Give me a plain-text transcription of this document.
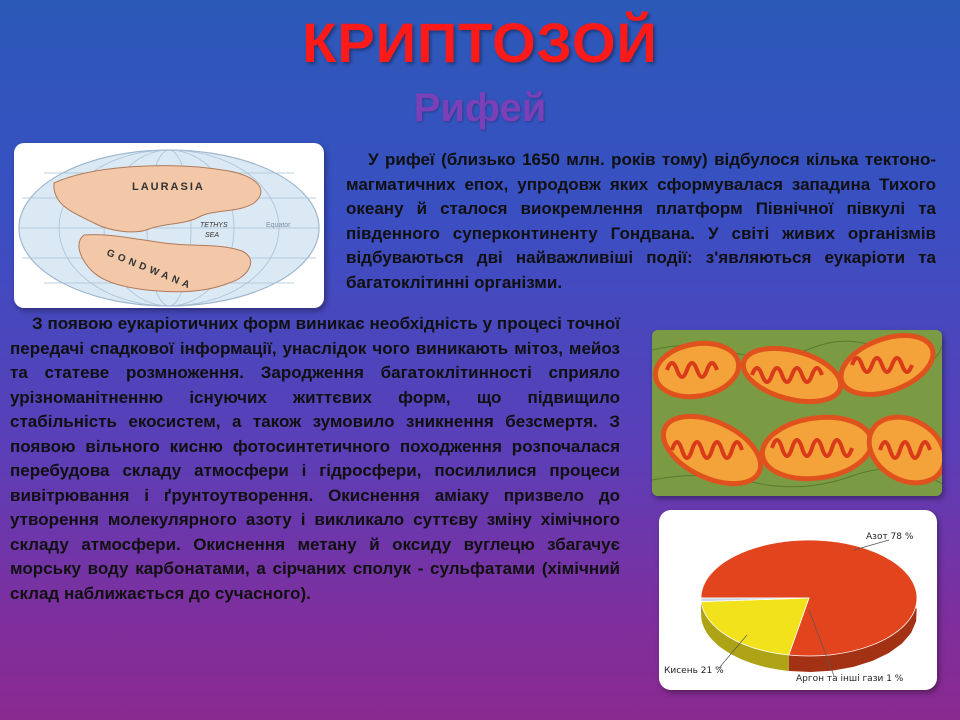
КРИПТОЗОЙ
Рифей
LAURASIA
GONDWANA
TETHYS
SEA
Equator
У рифеї (близько 1650 млн. років тому) відбулося кілька тектоно-магматичних епох, упродовж яких сформувалася западина Тихого океану й сталося виокремлення платформ Північної півкулі та південного суперконтиненту Гондвана. У світі живих організмів відбуваються дві найважливіші події: з'являються еукаріоти та багатоклітинні організми.
З появою еукаріотичних форм виникає необхідність у процесі точної передачі спадкової інформації, унаслідок чого виникають мітоз, мейоз та статеве розмноження. Зародження багатоклітинності сприяло урізноманітненню існуючих життєвих форм, що підвищило стабільність екосистем, а також зумовило зникнення безсмертя. З появою вільного кисню фотосинтетичного походження розпочалася перебудова складу атмосфери і гідросфери, посилилися процеси вивітрювання і ґрунтоутворення. Окиснення аміаку призвело до утворення молекулярного азоту і викликало суттєву зміну хімічного складу атмосфери. Окиснення метану й оксиду вуглецю збагачує морську воду карбонатами, а сірчаних сполук - сульфатами (хімічний склад наближається до сучасного).
Азот 78 %
Кисень 21 %
Аргон та інші гази 1 %
